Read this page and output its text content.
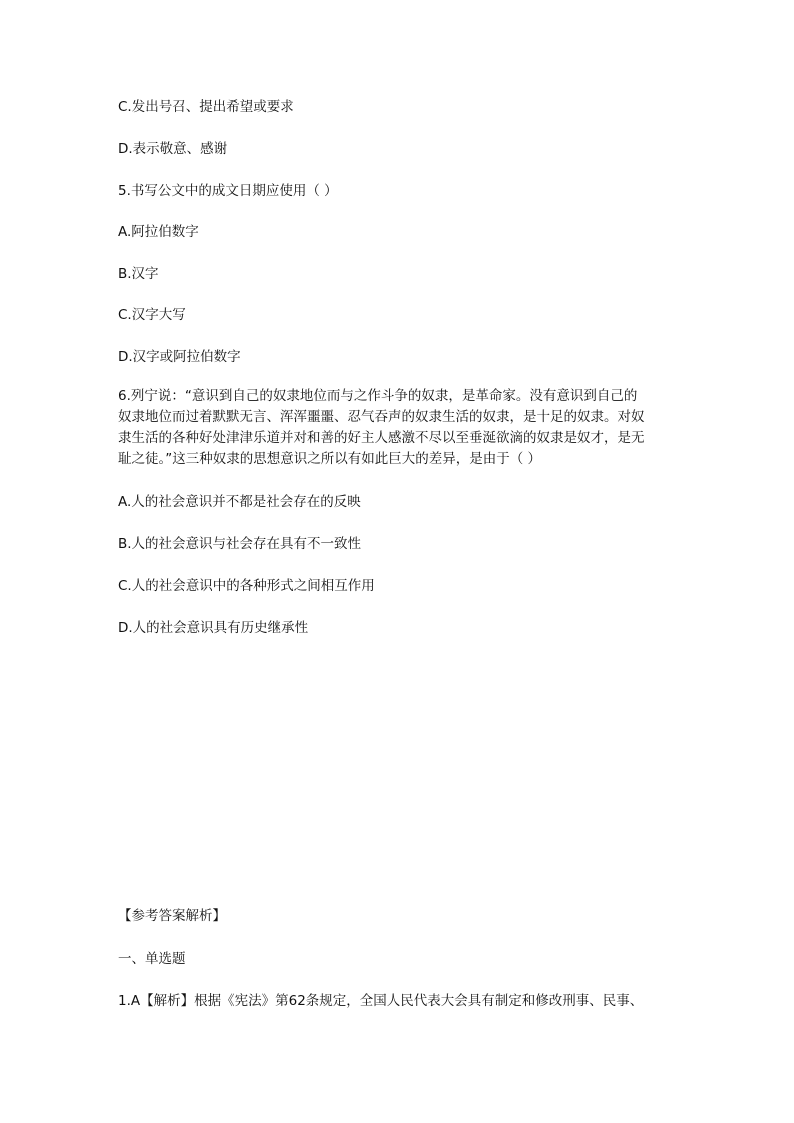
C.发出号召、提出希望或要求

D.表示敬意、感谢

5.书写公文中的成文日期应使用（ ）

A.阿拉伯数字

B.汉字

C.汉字大写

D.汉字或阿拉伯数字

6.列宁说：“意识到自己的奴隶地位而与之作斗争的奴隶，是革命家。没有意识到自己的
奴隶地位而过着默默无言、浑浑噩噩、忍气吞声的奴隶生活的奴隶，是十足的奴隶。对奴
隶生活的各种好处津津乐道并对和善的好主人感激不尽以至垂涎欲滴的奴隶是奴才，是无
耻之徒。”这三种奴隶的思想意识之所以有如此巨大的差异，是由于（ ）

A.人的社会意识并不都是社会存在的反映

B.人的社会意识与社会存在具有不一致性

C.人的社会意识中的各种形式之间相互作用

D.人的社会意识具有历史继承性

【参考答案解析】

一、单选题

1.A【解析】根据《宪法》第62条规定，全国人民代表大会具有制定和修改刑事、民事、
